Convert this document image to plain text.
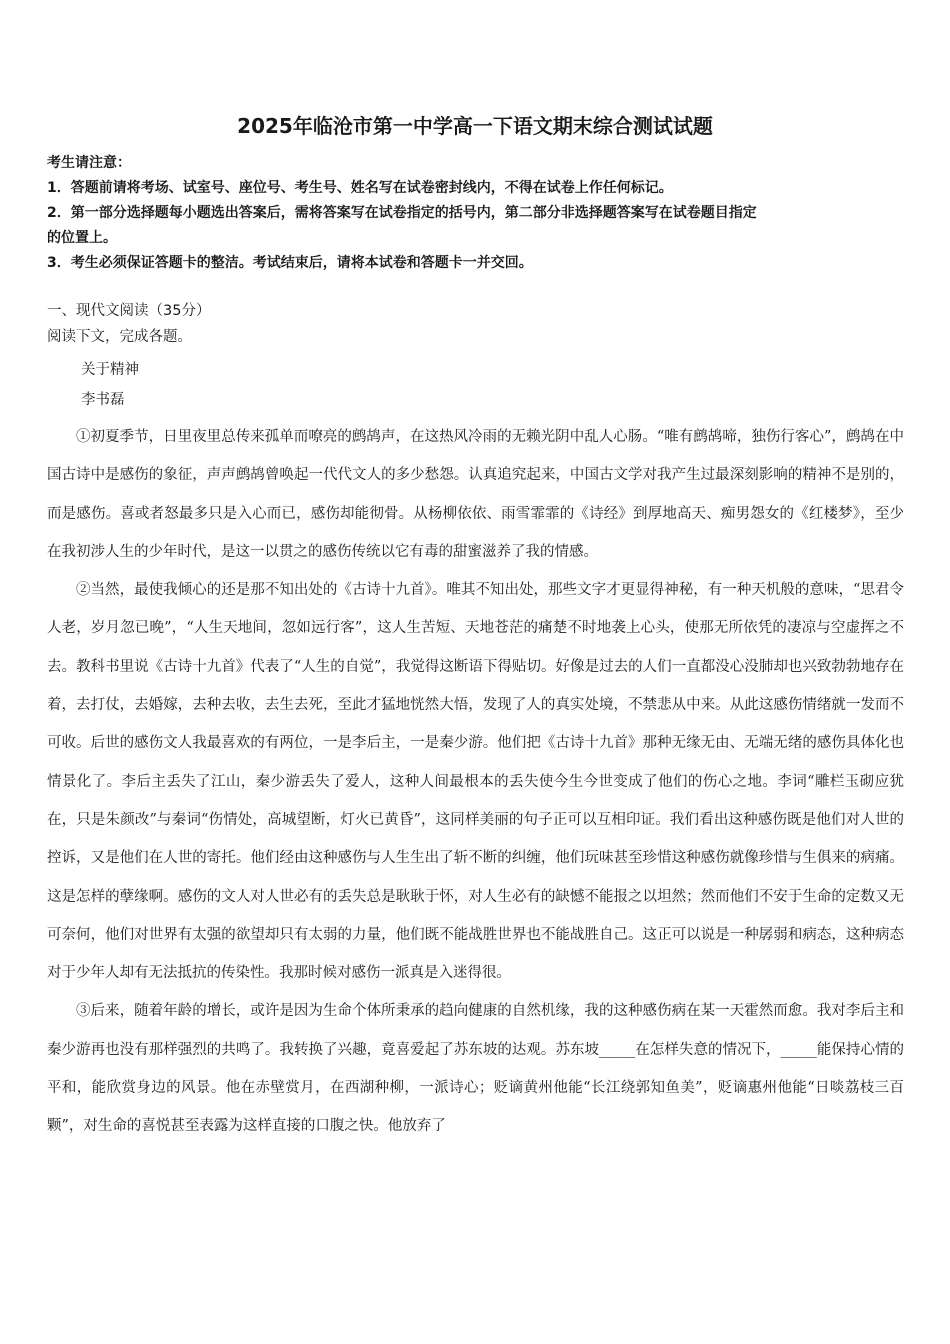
2025年临沧市第一中学高一下语文期末综合测试试题

考生请注意：

1．答题前请将考场、试室号、座位号、考生号、姓名写在试卷密封线内，不得在试卷上作任何标记。

2．第一部分选择题每小题选出答案后，需将答案写在试卷指定的括号内，第二部分非选择题答案写在试卷题目指定

的位置上。

3．考生必须保证答题卡的整洁。考试结束后，请将本试卷和答题卡一并交回。

一、现代文阅读（35分）

阅读下文，完成各题。

关于精神

李书磊

①初夏季节，日里夜里总传来孤单而嘹亮的鹧鸪声，在这热风冷雨的无赖光阴中乱人心肠。“唯有鹧鸪啼，独伤行客心”，鹧鸪在中国古诗中是感伤的象征，声声鹧鸪曾唤起一代代文人的多少愁怨。认真追究起来，中国古文学对我产生过最深刻影响的精神不是别的，而是感伤。喜或者怒最多只是入心而已，感伤却能彻骨。从杨柳依依、雨雪霏霏的《诗经》到厚地高天、痴男怨女的《红楼梦》，至少在我初涉人生的少年时代，是这一以贯之的感伤传统以它有毒的甜蜜滋养了我的情感。

②当然，最使我倾心的还是那不知出处的《古诗十九首》。唯其不知出处，那些文字才更显得神秘，有一种天机般的意味，“思君令人老，岁月忽已晚”，“人生天地间，忽如远行客”，这人生苦短、天地苍茫的痛楚不时地袭上心头，使那无所依凭的凄凉与空虚挥之不去。教科书里说《古诗十九首》代表了“人生的自觉”，我觉得这断语下得贴切。好像是过去的人们一直都没心没肺却也兴致勃勃地存在着，去打仗，去婚嫁，去种去收，去生去死，至此才猛地恍然大悟，发现了人的真实处境，不禁悲从中来。从此这感伤情绪就一发而不可收。后世的感伤文人我最喜欢的有两位，一是李后主，一是秦少游。他们把《古诗十九首》那种无缘无由、无端无绪的感伤具体化也情景化了。李后主丢失了江山，秦少游丢失了爱人，这种人间最根本的丢失使今生今世变成了他们的伤心之地。李词“雕栏玉砌应犹在，只是朱颜改”与秦词“伤情处，高城望断，灯火已黄昏”，这同样美丽的句子正可以互相印证。我们看出这种感伤既是他们对人世的控诉，又是他们在人世的寄托。他们经由这种感伤与人生生出了斩不断的纠缠，他们玩味甚至珍惜这种感伤就像珍惜与生俱来的病痛。这是怎样的孽缘啊。感伤的文人对人世必有的丢失总是耿耿于怀，对人生必有的缺憾不能报之以坦然；然而他们不安于生命的定数又无可奈何，他们对世界有太强的欲望却只有太弱的力量，他们既不能战胜世界也不能战胜自己。这正可以说是一种孱弱和病态，这种病态对于少年人却有无法抵抗的传染性。我那时候对感伤一派真是入迷得很。

③后来，随着年龄的增长，或许是因为生命个体所秉承的趋向健康的自然机缘，我的这种感伤病在某一天霍然而愈。我对李后主和秦少游再也没有那样强烈的共鸣了。我转换了兴趣，竟喜爱起了苏东坡的达观。苏东坡_____在怎样失意的情况下，_____能保持心情的平和，能欣赏身边的风景。他在赤壁赏月，在西湖种柳，一派诗心；贬谪黄州他能“长江绕郭知鱼美”，贬谪惠州他能“日啖荔枝三百颗”，对生命的喜悦甚至表露为这样直接的口腹之快。他放弃了
